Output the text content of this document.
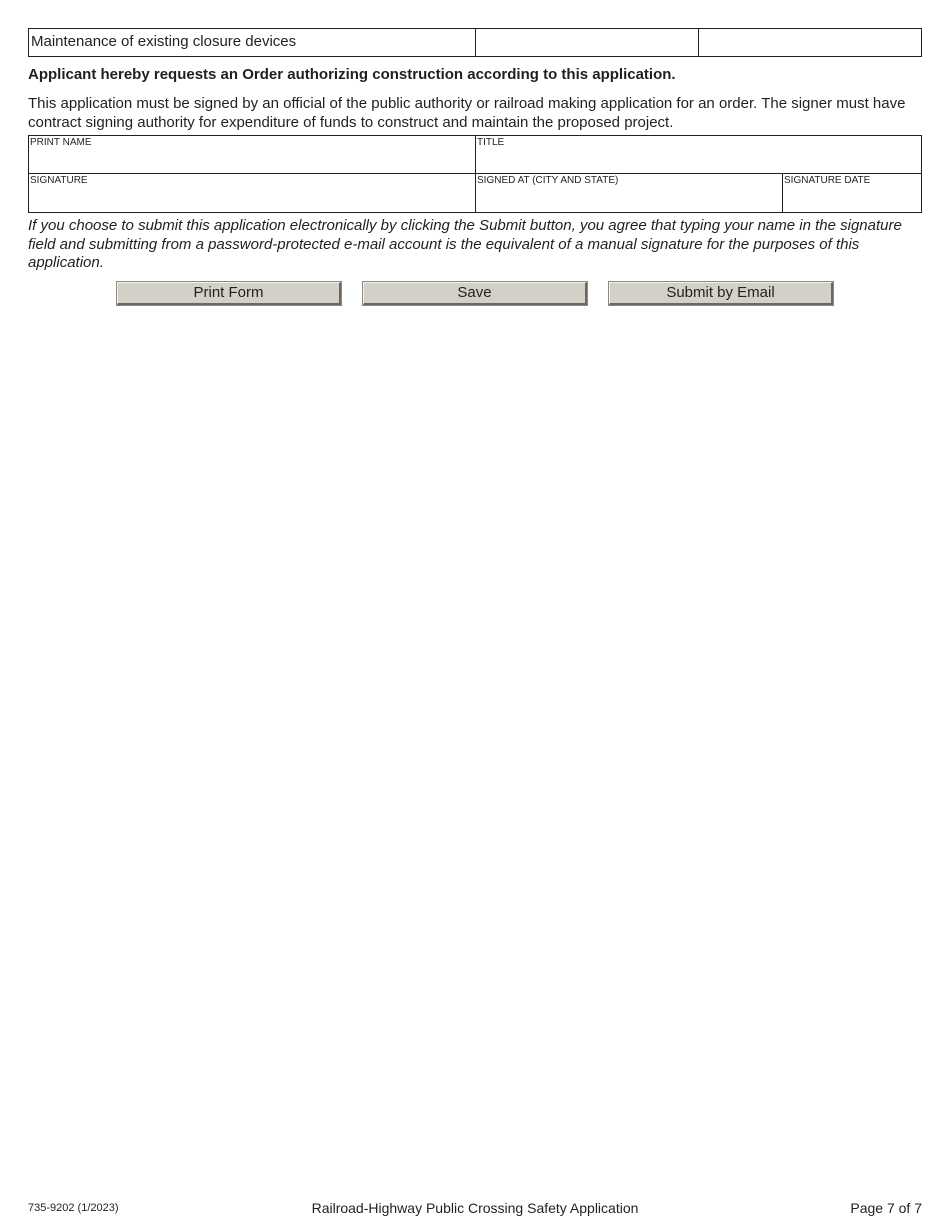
Maintenance of existing closure devices
Applicant hereby requests an Order authorizing construction according to this application.
This application must be signed by an official of the public authority or railroad making application for an order. The signer must have contract signing authority for expenditure of funds to construct and maintain the proposed project.
PRINT NAME	TITLE
SIGNATURE	SIGNED AT (CITY AND STATE)	SIGNATURE DATE
If you choose to submit this application electronically by clicking the Submit button, you agree that typing your name in the signature field and submitting from a password-protected e-mail account is the equivalent of a manual signature for the purposes of this application.
Print Form	Save	Submit by Email
735-9202 (1/2023)	Railroad-Highway Public Crossing Safety Application	Page 7 of 7
